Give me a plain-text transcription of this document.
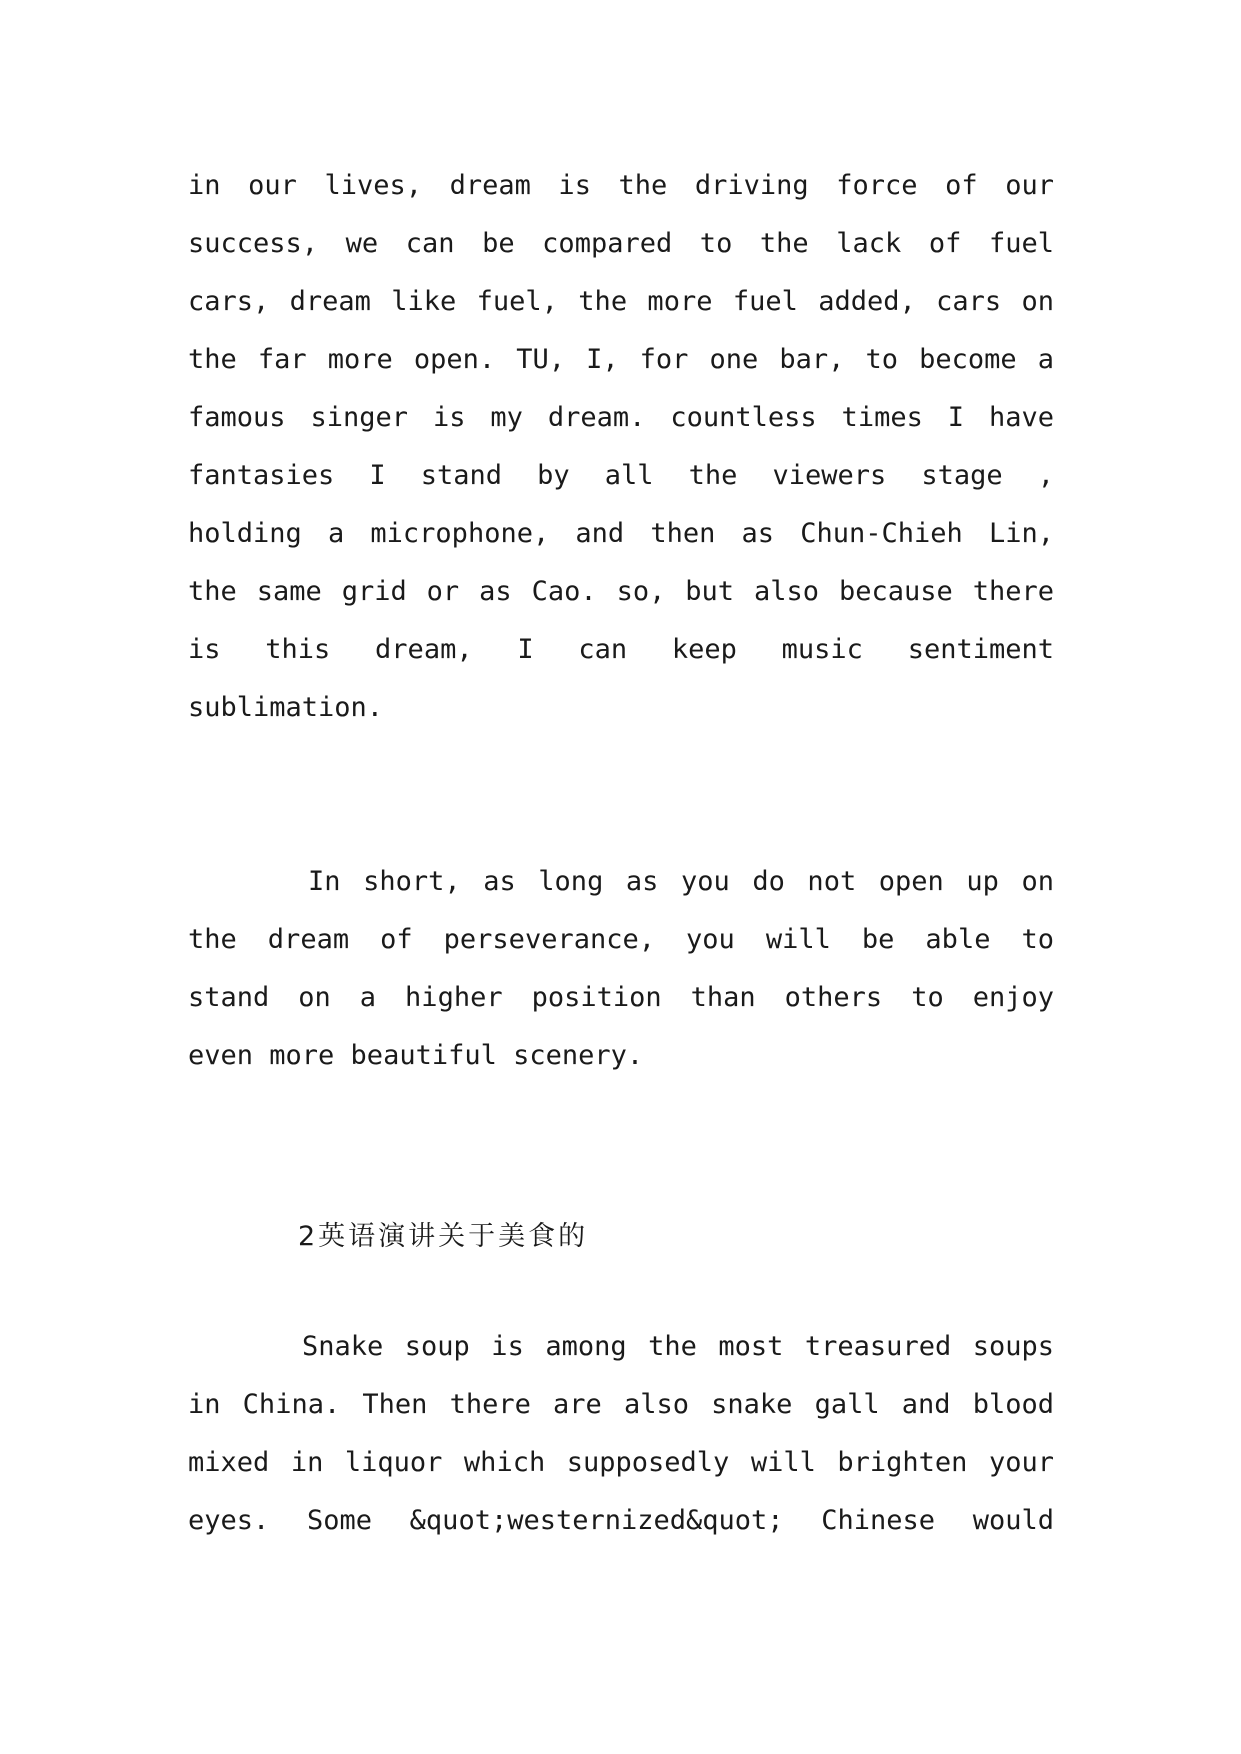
in our lives, dream is the driving force of our
success, we can be compared to the lack of fuel
cars, dream like fuel, the more fuel added, cars on
the far more open. TU, I, for one bar, to become a
famous singer is my dream. countless times I have
fantasies I stand by all the viewers stage ,
holding a microphone, and then as Chun-Chieh Lin,
the same grid or as Cao. so, but also because there
is this dream, I can keep music sentiment
sublimation.
In short, as long as you do not open up on
the dream of perseverance, you will be able to
stand on a higher position than others to enjoy
even more beautiful scenery.
2英语演讲关于美食的
Snake soup is among the most treasured soups
in China. Then there are also snake gall and blood
mixed in liquor which supposedly will brighten your
eyes. Some &quot;westernized&quot; Chinese would
